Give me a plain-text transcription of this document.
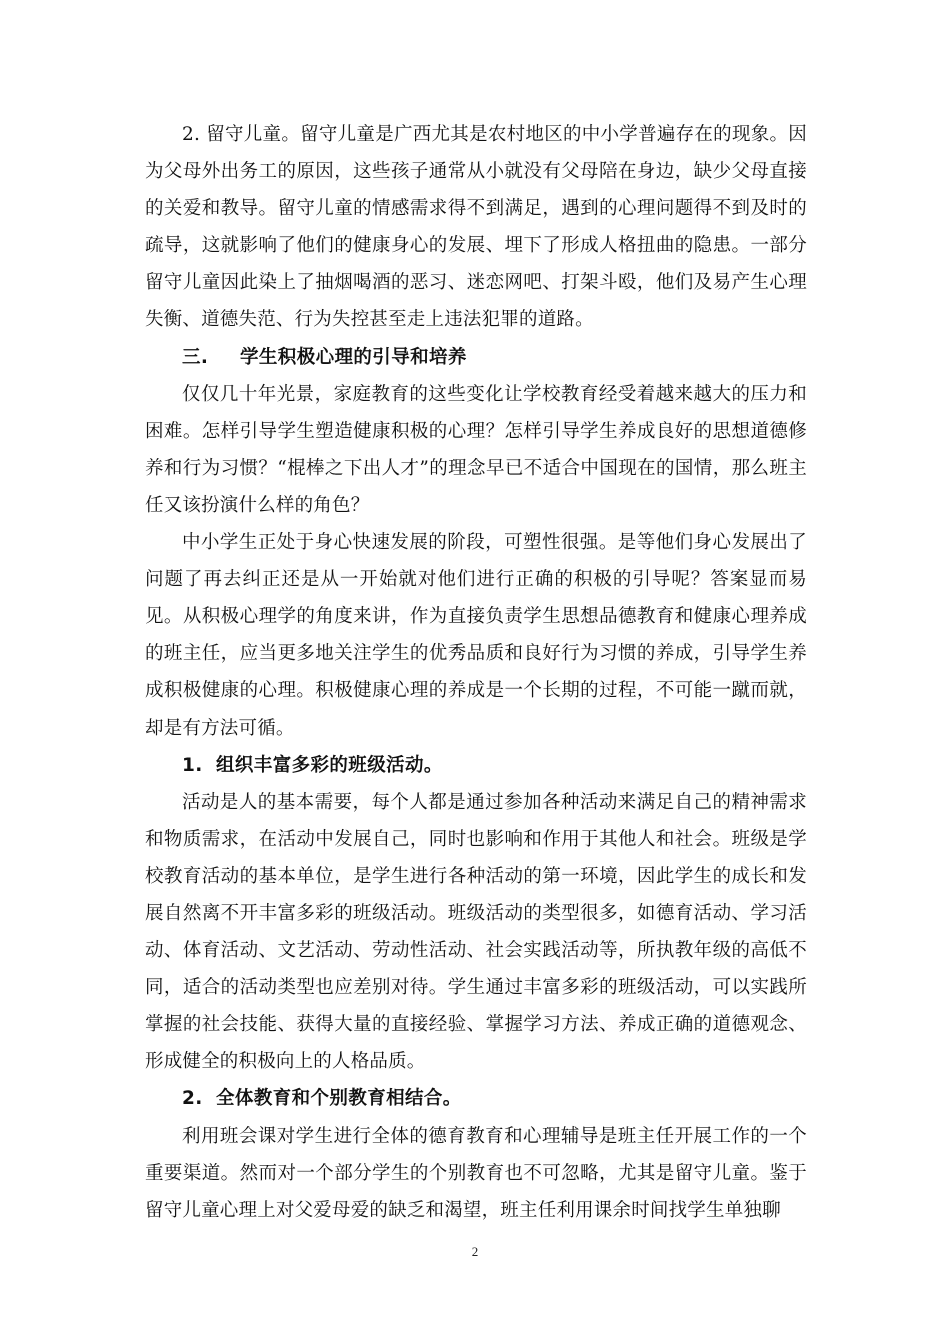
2. 留守儿童。留守儿童是广西尤其是农村地区的中小学普遍存在的现象。因为父母外出务工的原因，这些孩子通常从小就没有父母陪在身边，缺少父母直接的关爱和教导。留守儿童的情感需求得不到满足，遇到的心理问题得不到及时的疏导，这就影响了他们的健康身心的发展、埋下了形成人格扭曲的隐患。一部分留守儿童因此染上了抽烟喝酒的恶习、迷恋网吧、打架斗殴，他们及易产生心理失衡、道德失范、行为失控甚至走上违法犯罪的道路。

三. 学生积极心理的引导和培养

仅仅几十年光景，家庭教育的这些变化让学校教育经受着越来越大的压力和困难。怎样引导学生塑造健康积极的心理？怎样引导学生养成良好的思想道德修养和行为习惯？“棍棒之下出人才”的理念早已不适合中国现在的国情，那么班主任又该扮演什么样的角色？

中小学生正处于身心快速发展的阶段，可塑性很强。是等他们身心发展出了问题了再去纠正还是从一开始就对他们进行正确的积极的引导呢？答案显而易见。从积极心理学的角度来讲，作为直接负责学生思想品德教育和健康心理养成的班主任，应当更多地关注学生的优秀品质和良好行为习惯的养成，引导学生养成积极健康的心理。积极健康心理的养成是一个长期的过程，不可能一蹴而就，却是有方法可循。

1. 组织丰富多彩的班级活动。

活动是人的基本需要，每个人都是通过参加各种活动来满足自己的精神需求和物质需求，在活动中发展自己，同时也影响和作用于其他人和社会。班级是学校教育活动的基本单位，是学生进行各种活动的第一环境，因此学生的成长和发展自然离不开丰富多彩的班级活动。班级活动的类型很多，如德育活动、学习活动、体育活动、文艺活动、劳动性活动、社会实践活动等，所执教年级的高低不同，适合的活动类型也应差别对待。学生通过丰富多彩的班级活动，可以实践所掌握的社会技能、获得大量的直接经验、掌握学习方法、养成正确的道德观念、形成健全的积极向上的人格品质。

2. 全体教育和个别教育相结合。

利用班会课对学生进行全体的德育教育和心理辅导是班主任开展工作的一个重要渠道。然而对一个部分学生的个别教育也不可忽略，尤其是留守儿童。鉴于留守儿童心理上对父爱母爱的缺乏和渴望，班主任利用课余时间找学生单独聊

2
